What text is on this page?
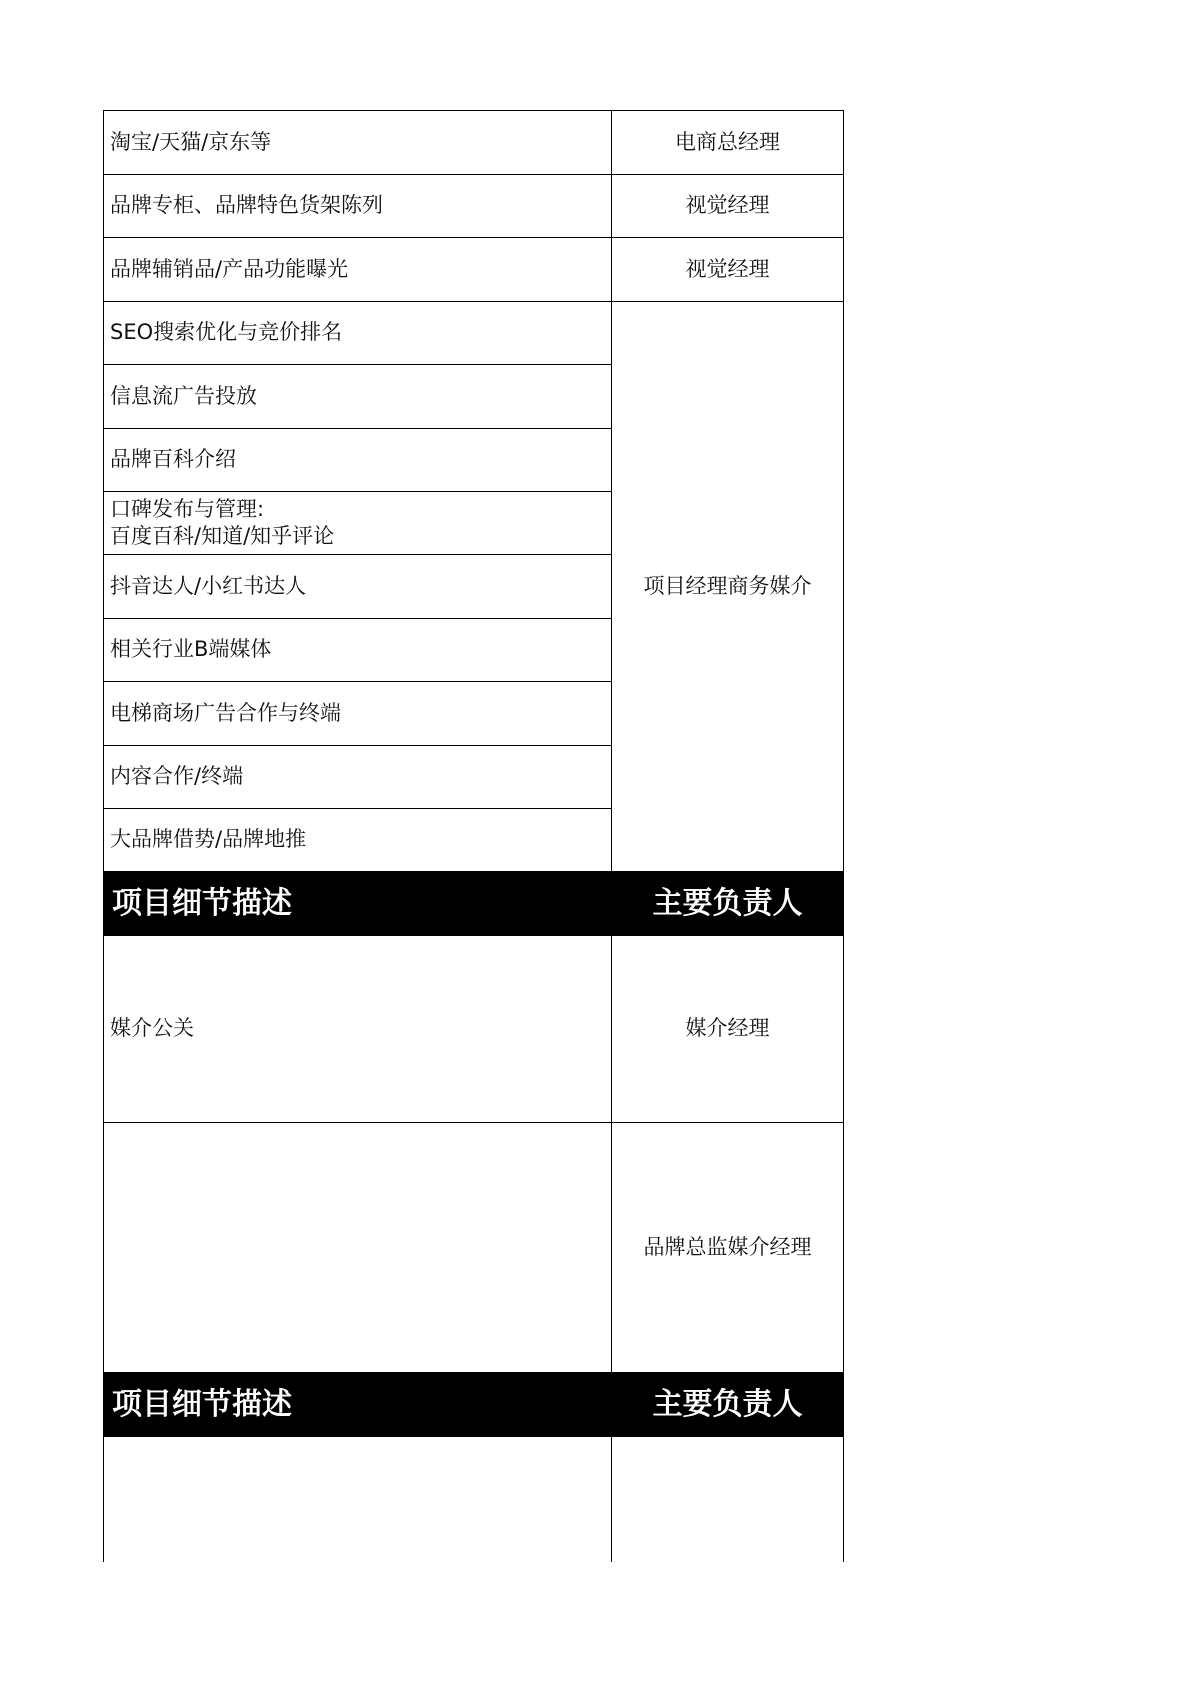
淘宝/天猫/京东等	电商总经理
品牌专柜、品牌特色货架陈列	视觉经理
品牌辅销品/产品功能曝光	视觉经理
SEO搜索优化与竞价排名	项目经理商务媒介
信息流广告投放	
品牌百科介绍	

口碑发布与管理:
百度百科/知道/知乎评论	

抖音达人/小红书达人	
相关行业B端媒体	
电梯商场广告合作与终端	
内容合作/终端	
大品牌借势/品牌地推	
项目细节描述	主要负责人
媒介公关	媒介经理
	品牌总监媒介经理
项目细节描述	主要负责人
